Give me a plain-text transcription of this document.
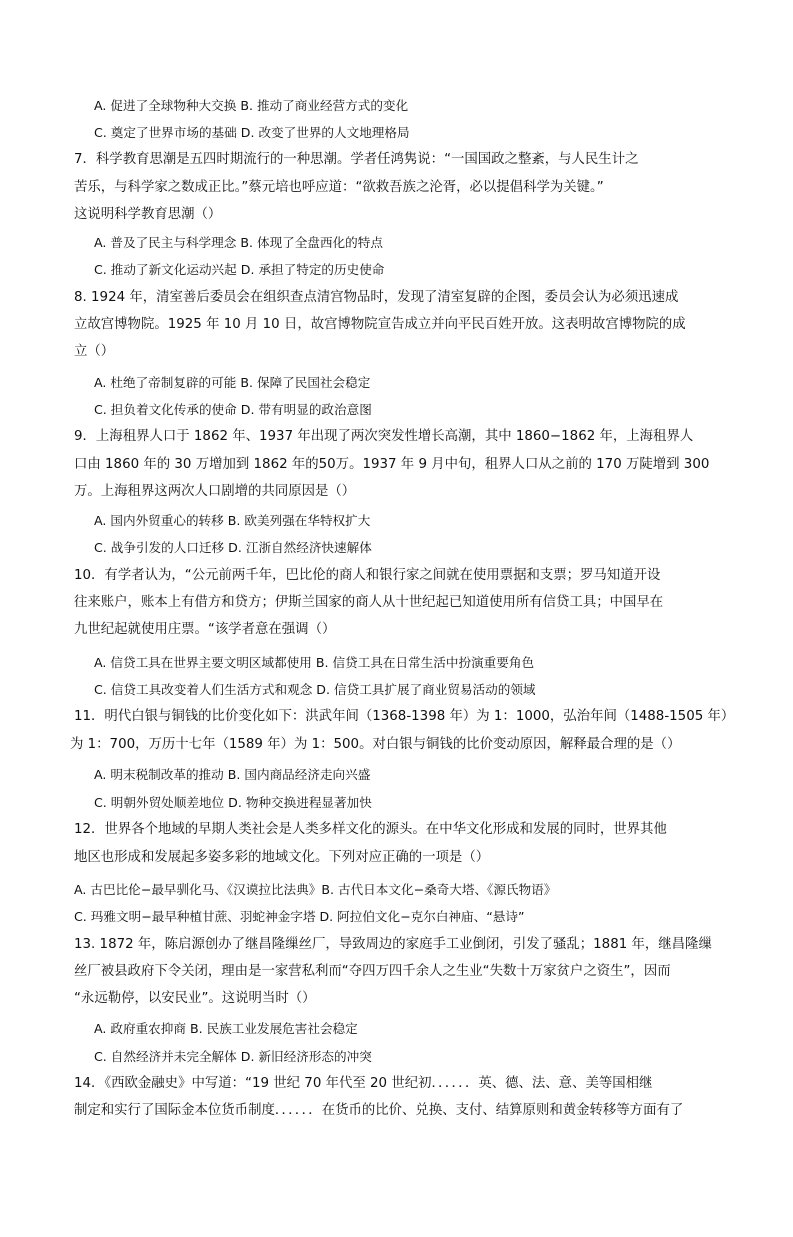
A. 促进了全球物种大交换 B. 推动了商业经营方式的变化
C. 奠定了世界市场的基础 D. 改变了世界的人文地理格局
7．科学教育思潮是五四时期流行的一种思潮。学者任鸿隽说：“一国国政之整紊，与人民生计之
苦乐，与科学家之数成正比。”蔡元培也呼应道：“欲救吾族之沦胥，必以提倡科学为关键。”
这说明科学教育思潮（）
A. 普及了民主与科学理念 B. 体现了全盘西化的特点
C. 推动了新文化运动兴起 D. 承担了特定的历史使命
8. 1924 年，清室善后委员会在组织查点清宫物品时，发现了清室复辟的企图，委员会认为必须迅速成
立故宫博物院。1925 年 10 月 10 日，故宫博物院宣告成立并向平民百姓开放。这表明故宫博物院的成
立（）
A. 杜绝了帝制复辟的可能 B. 保障了民国社会稳定
C. 担负着文化传承的使命 D. 带有明显的政治意图
9．上海租界人口于 1862 年、1937 年出现了两次突发性增长高潮，其中 1860−1862 年，上海租界人
口由 1860 年的 30 万增加到 1862 年的50万。1937 年 9 月中旬，租界人口从之前的 170 万陡增到 300
万。上海租界这两次人口剧增的共同原因是（）
A. 国内外贸重心的转移 B. 欧美列强在华特权扩大
C. 战争引发的人口迁移 D. 江浙自然经济快速解体
10．有学者认为，“公元前两千年，巴比伦的商人和银行家之间就在使用票据和支票；罗马知道开设
往来账户，账本上有借方和贷方；伊斯兰国家的商人从十世纪起已知道使用所有信贷工具；中国早在
九世纪起就使用庄票。“该学者意在强调（）
A. 信贷工具在世界主要文明区域都使用 B. 信贷工具在日常生活中扮演重要角色
C. 信贷工具改变着人们生活方式和观念 D. 信贷工具扩展了商业贸易活动的领域
11．明代白银与铜钱的比价变化如下：洪武年间（1368-1398 年）为 1：1000，弘治年间（1488-1505 年）
为 1：700，万历十七年（1589 年）为 1：500。对白银与铜钱的比价变动原因，解释最合理的是（）
A. 明末税制改革的推动 B. 国内商品经济走向兴盛
C. 明朝外贸处顺差地位 D. 物种交换进程显著加快
12．世界各个地域的早期人类社会是人类多样文化的源头。在中华文化形成和发展的同时，世界其他
地区也形成和发展起多姿多彩的地域文化。下列对应正确的一项是（）
A. 古巴比伦−最早驯化马、《汉谟拉比法典》B. 古代日本文化−桑奇大塔、《源氏物语》
C. 玛雅文明−最早种植甘蔗、羽蛇神金字塔 D. 阿拉伯文化−克尔白神庙、“悬诗”
13. 1872 年，陈启源创办了继昌隆缫丝厂，导致周边的家庭手工业倒闭，引发了骚乱；1881 年，继昌隆缫
丝厂被县政府下令关闭，理由是一家营私利而“夺四万四千余人之生业“失数十万家贫户之资生”，因而
“永远勒停，以安民业”。这说明当时（）
A. 政府重农抑商 B. 民族工业发展危害社会稳定
C. 自然经济并未完全解体 D. 新旧经济形态的冲突
14．《西欧金融史》中写道：“19 世纪 70 年代至 20 世纪初．．．．．．英、德、法、意、美等国相继
制定和实行了国际金本位货币制度．．．．．．在货币的比价、兑换、支付、结算原则和黄金转移等方面有了
